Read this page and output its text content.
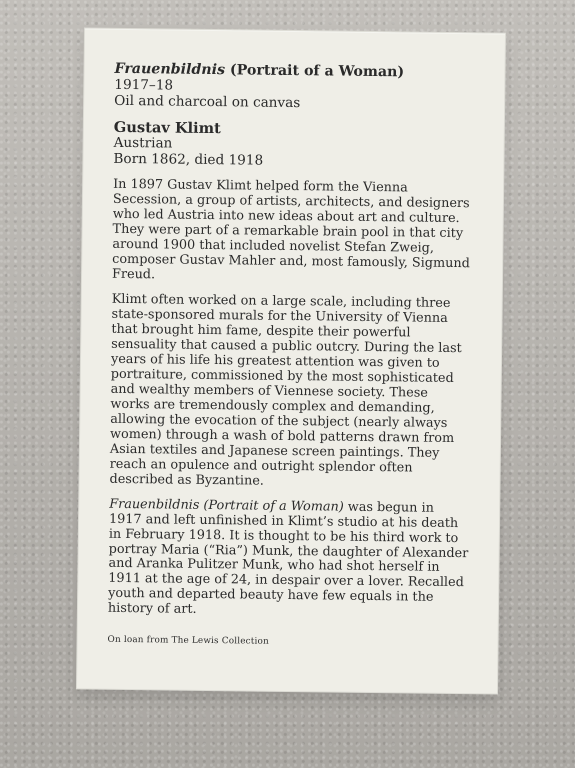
Frauenbildnis (Portrait of a Woman)

1917–18

Oil and charcoal on canvas

Gustav Klimt

Austrian

Born 1862, died 1918

In 1897 Gustav Klimt helped form the Vienna Secession, a group of artists, architects, and designers who led Austria into new ideas about art and culture. They were part of a remarkable brain pool in that city around 1900 that included novelist Stefan Zweig, composer Gustav Mahler and, most famously, Sigmund Freud.

Klimt often worked on a large scale, including three state-sponsored murals for the University of Vienna that brought him fame, despite their powerful sensuality that caused a public outcry. During the last years of his life his greatest attention was given to portraiture, commissioned by the most sophisticated and wealthy members of Viennese society. These works are tremendously complex and demanding, allowing the evocation of the subject (nearly always women) through a wash of bold patterns drawn from Asian textiles and Japanese screen paintings. They reach an opulence and outright splendor often described as Byzantine.

Frauenbildnis (Portrait of a Woman) was begun in 1917 and left unfinished in Klimt’s studio at his death in February 1918. It is thought to be his third work to portray Maria (“Ria”) Munk, the daughter of Alexander and Aranka Pulitzer Munk, who had shot herself in 1911 at the age of 24, in despair over a lover. Recalled youth and departed beauty have few equals in the history of art.

On loan from The Lewis Collection
